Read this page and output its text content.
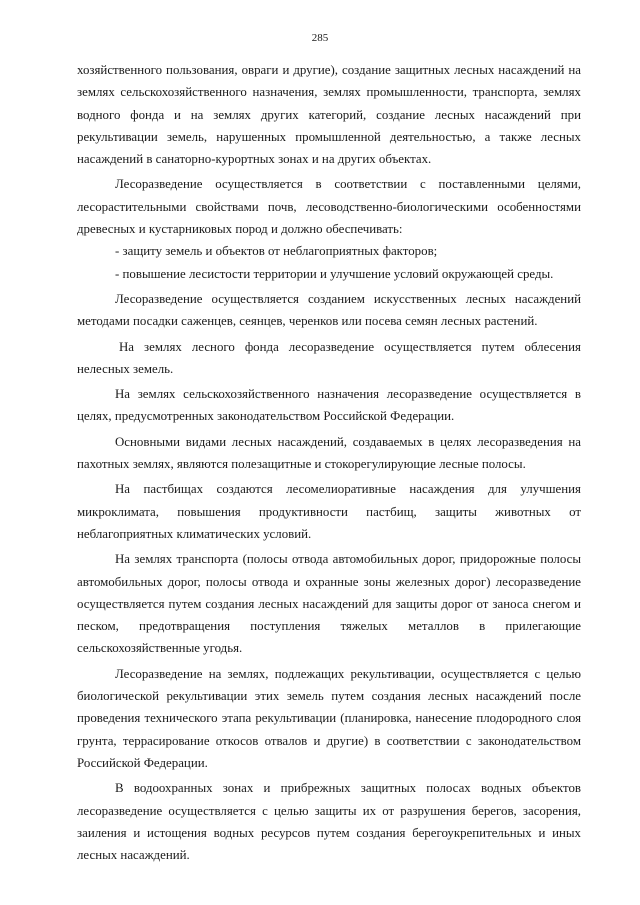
285

хозяйственного пользования, овраги и другие), создание защитных лесных насаждений на землях сельскохозяйственного назначения, землях промышленности, транспорта, землях водного фонда и на землях других категорий, создание лесных насаждений при рекультивации земель, нарушенных промышленной деятельностью, а также лесных насаждений в санаторно-курортных зонах и на других объектах.

Лесоразведение осуществляется в соответствии с поставленными целями, лесорастительными свойствами почв, лесоводственно-биологическими особенностями древесных и кустарниковых пород и должно обеспечивать:

- защиту земель и объектов от неблагоприятных факторов;

- повышение лесистости территории и улучшение условий окружающей среды.

Лесоразведение осуществляется созданием искусственных лесных насаждений методами посадки саженцев, сеянцев, черенков или посева семян лесных растений.

На землях лесного фонда лесоразведение осуществляется путем облесения нелесных земель.

На землях сельскохозяйственного назначения лесоразведение осуществляется в целях, предусмотренных законодательством Российской Федерации.

Основными видами лесных насаждений, создаваемых в целях лесоразведения на пахотных землях, являются полезащитные и стокорегулирующие лесные полосы.

На пастбищах создаются лесомелиоративные насаждения для улучшения микроклимата, повышения продуктивности пастбищ, защиты животных от неблагоприятных климатических условий.

На землях транспорта (полосы отвода автомобильных дорог, придорожные полосы автомобильных дорог, полосы отвода и охранные зоны железных дорог) лесоразведение осуществляется путем создания лесных насаждений для защиты дорог от заноса снегом и песком, предотвращения поступления тяжелых металлов в прилегающие сельскохозяйственные угодья.

Лесоразведение на землях, подлежащих рекультивации, осуществляется с целью биологической рекультивации этих земель путем создания лесных насаждений после проведения технического этапа рекультивации (планировка, нанесение плодородного слоя грунта, террасирование откосов отвалов и другие) в соответствии с законодательством Российской Федерации.

В водоохранных зонах и прибрежных защитных полосах водных объектов лесоразведение осуществляется с целью защиты их от разрушения берегов, засорения, заиления и истощения водных ресурсов путем создания берегоукрепительных и иных лесных насаждений.
